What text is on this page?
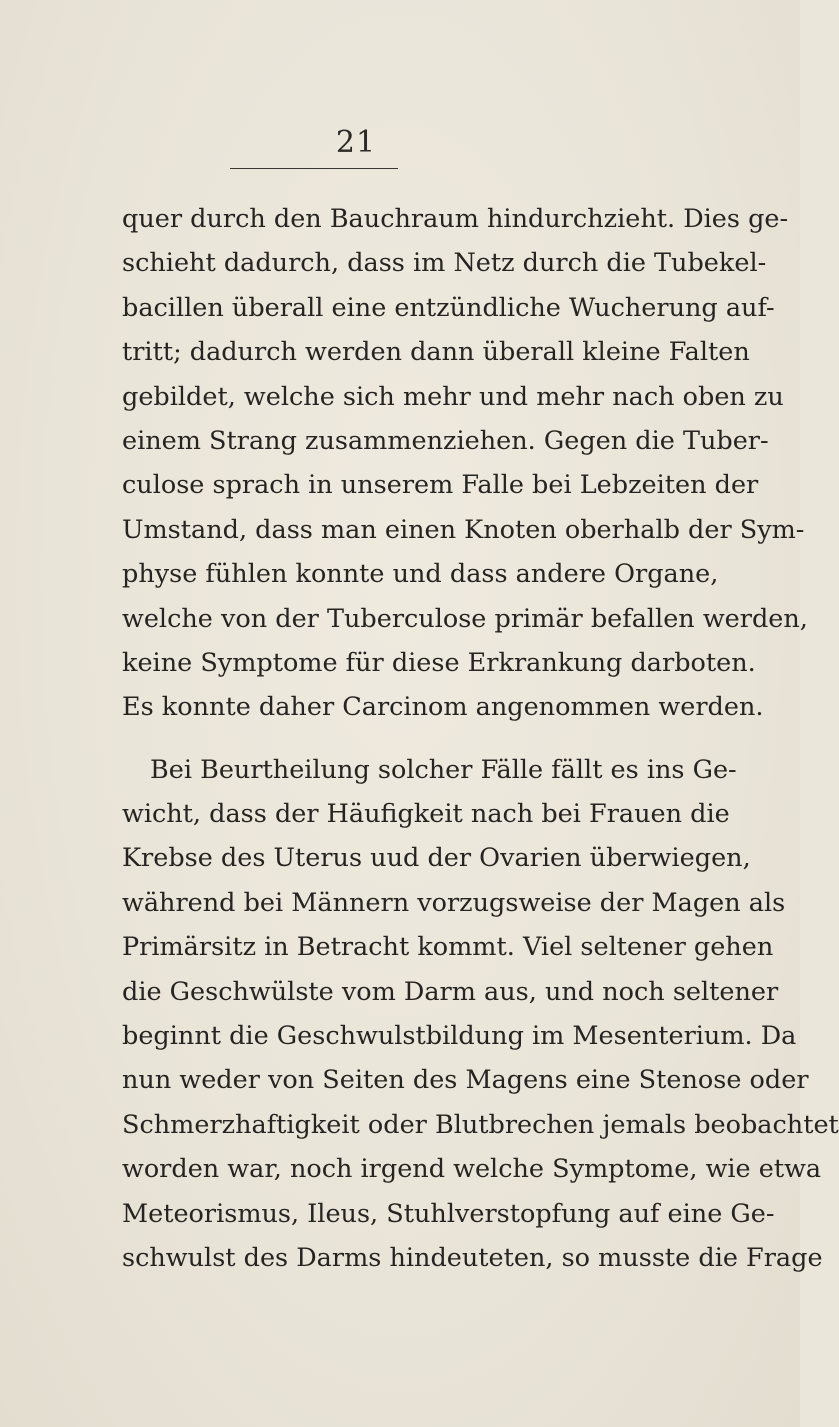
21
quer durch den Bauchraum hindurchzieht. Dies ge-
schieht dadurch, dass im Netz durch die Tubekel-
bacillen überall eine entzündliche Wucherung auf-
tritt; dadurch werden dann überall kleine Falten
gebildet, welche sich mehr und mehr nach oben zu
einem Strang zusammenziehen. Gegen die Tuber-
culose sprach in unserem Falle bei Lebzeiten der
Umstand, dass man einen Knoten oberhalb der Sym-
physe fühlen konnte und dass andere Organe,
welche von der Tuberculose primär befallen werden,
keine Symptome für diese Erkrankung darboten.
Es konnte daher Carcinom angenommen werden.
Bei Beurtheilung solcher Fälle fällt es ins Ge-
wicht, dass der Häufigkeit nach bei Frauen die
Krebse des Uterus uud der Ovarien überwiegen,
während bei Männern vorzugsweise der Magen als
Primärsitz in Betracht kommt. Viel seltener gehen
die Geschwülste vom Darm aus, und noch seltener
beginnt die Geschwulstbildung im Mesenterium. Da
nun weder von Seiten des Magens eine Stenose oder
Schmerzhaftigkeit oder Blutbrechen jemals beobachtet
worden war, noch irgend welche Symptome, wie etwa
Meteorismus, Ileus, Stuhlverstopfung auf eine Ge-
schwulst des Darms hindeuteten, so musste die Frage
